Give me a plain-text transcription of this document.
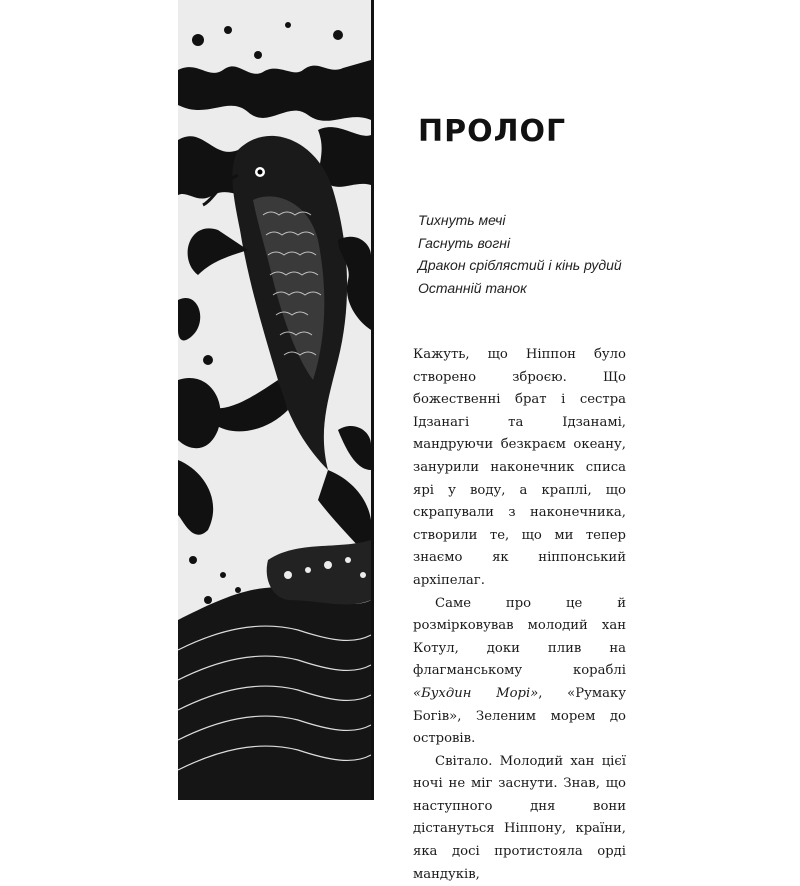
ПРОЛОГ
Тихнуть мечі
Гаснуть вогні
Дракон сріблястий і кінь рудий
Останній танок

Кажуть, що Ніппон було створено зброєю. Що божественні брат і сестра Ідзанагі та Ідзанамі, мандруючи безкраєм океану, занурили наконечник списа ярі у воду, а краплі, що скрапували з наконечника, створили те, що ми тепер знаємо як ніппонський архіпелаг.

Саме про це й розмірковував молодий хан Котул, доки плив на флагманському кораблі «Бухдин Морі», «Румаку Богів», Зеленим морем до островів.

Світало. Молодий хан цієї ночі не міг заснути. Знав, що наступного дня вони дістануться Ніппону, країни, яка досі протистояла орді мандуків,
